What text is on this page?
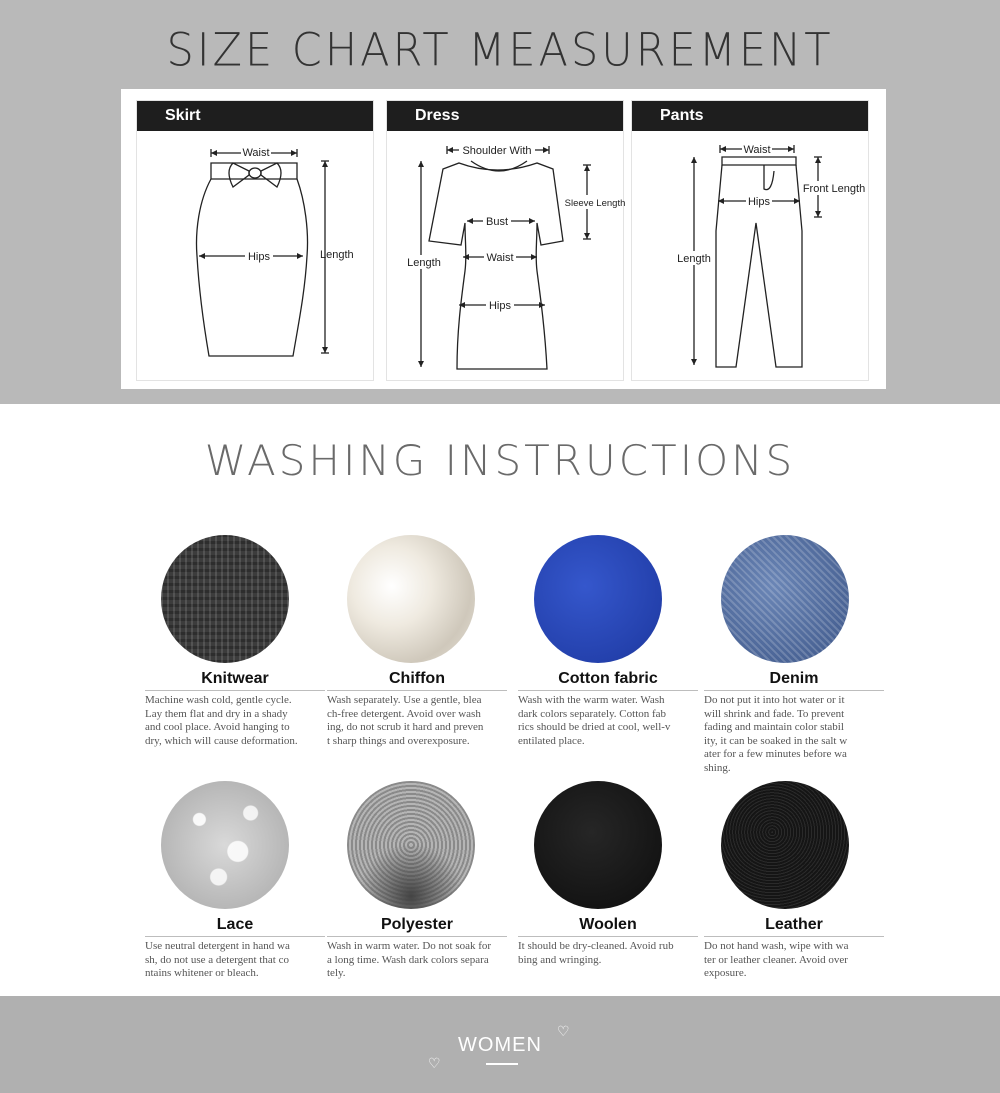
SIZE CHART MEASUREMENT
Skirt
Waist
Hips	Length
Dress
Shoulder With
Bust
Waist
Hips
Length
Sleeve Length
Pants
Waist
Hips
Length
Front Length
WASHING INSTRUCTIONS
Knitwear
Machine wash cold, gentle cycle.
Lay them flat and dry in a shady
and cool place. Avoid hanging to
dry, which will cause deformation.
Chiffon
Wash separately. Use a gentle, blea
ch-free detergent. Avoid over wash
ing, do not scrub it hard and preven
t sharp things and overexposure.
Cotton fabric
Wash with the warm water. Wash
dark colors separately. Cotton fab
rics should be dried at cool, well-v
entilated place.
Denim
Do not put it into hot water or it
will shrink and fade. To prevent
fading and maintain color stabil
ity, it can be soaked in the salt w
ater for a few minutes before wa
shing.
Lace
Use neutral detergent in hand wa
sh, do not use a detergent that co
ntains whitener or bleach.
Polyester
Wash in warm water. Do not soak for
a long time. Wash dark colors separa
tely.
Woolen
It should be dry-cleaned. Avoid rub
bing and wringing.
Leather
Do not hand wash, wipe with wa
ter or leather cleaner. Avoid over
exposure.
WOMEN
♡
♡
